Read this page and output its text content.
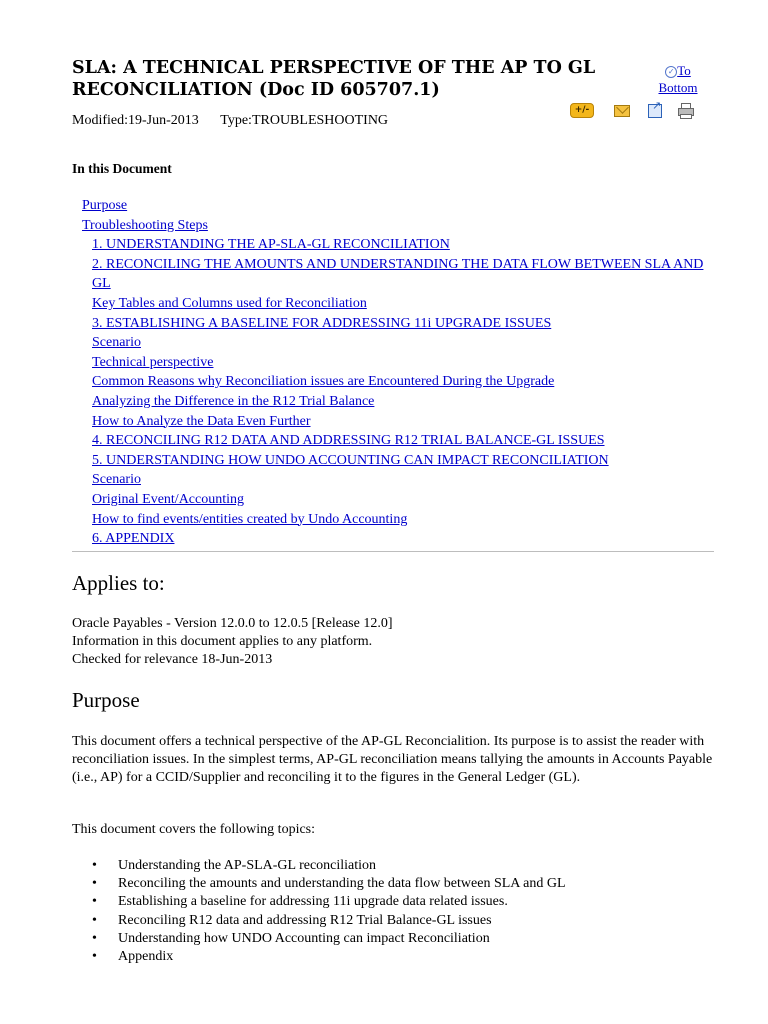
SLA: A TECHNICAL PERSPECTIVE OF THE AP TO GL RECONCILIATION (Doc ID 605707.1)
✓ To Bottom
Modified:19-Jun-2013 Type:TROUBLESHOOTING
+/-
↗
In this Document
Purpose
Troubleshooting Steps
1. UNDERSTANDING THE AP-SLA-GL RECONCILIATION
2. RECONCILING THE AMOUNTS AND UNDERSTANDING THE DATA FLOW BETWEEN SLA AND GL
Key Tables and Columns used for Reconciliation
3. ESTABLISHING A BASELINE FOR ADDRESSING 11i UPGRADE ISSUES
Scenario
Technical perspective
Common Reasons why Reconciliation issues are Encountered During the Upgrade
Analyzing the Difference in the R12 Trial Balance
How to Analyze the Data Even Further
4. RECONCILING R12 DATA AND ADDRESSING R12 TRIAL BALANCE-GL ISSUES
5. UNDERSTANDING HOW UNDO ACCOUNTING CAN IMPACT RECONCILIATION
Scenario
Original Event/Accounting
How to find events/entities created by Undo Accounting
6. APPENDIX
Applies to:
Oracle Payables - Version 12.0.0 to 12.0.5 [Release 12.0]
Information in this document applies to any platform.
Checked for relevance 18-Jun-2013
Purpose

This document offers a technical perspective of the AP-GL Reconcialition. Its purpose is to assist the reader with reconciliation issues. In the simplest terms, AP-GL reconciliation means tallying the amounts in Accounts Payable (i.e., AP) for a CCID/Supplier and reconciling it to the figures in the General Ledger (GL).

This document covers the following topics:

• Understanding the AP-SLA-GL reconciliation
• Reconciling the amounts and understanding the data flow between SLA and GL
• Establishing a baseline for addressing 11i upgrade data related issues.
• Reconciling R12 data and addressing R12 Trial Balance-GL issues
• Understanding how UNDO Accounting can impact Reconciliation
• Appendix
